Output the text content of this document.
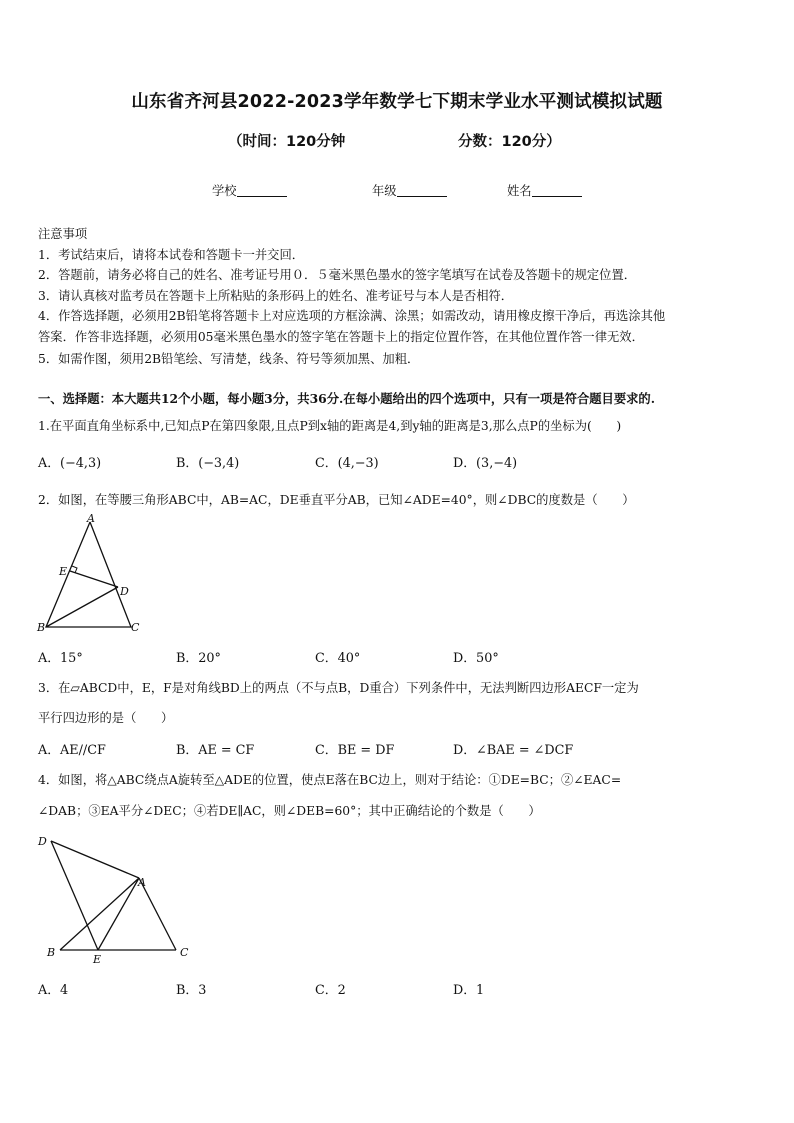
山东省齐河县2022-2023学年数学七下期末学业水平测试模拟试题
（时间：120分钟	分数：120分）
学校	年级	姓名
注意事项
1．考试结束后，请将本试卷和答题卡一并交回．
2．答题前，请务必将自己的姓名、准考证号用０．５毫米黑色墨水的签字笔填写在试卷及答题卡的规定位置．
3．请认真核对监考员在答题卡上所粘贴的条形码上的姓名、准考证号与本人是否相符．
4．作答选择题，必须用2B铅笔将答题卡上对应选项的方框涂满、涂黑；如需改动，请用橡皮擦干净后，再选涂其他
答案．作答非选择题，必须用05毫米黑色墨水的签字笔在答题卡上的指定位置作答，在其他位置作答一律无效．
5．如需作图，须用2B铅笔绘、写清楚，线条、符号等须加黑、加粗．
一、选择题：本大题共12个小题，每小题3分，共36分.在每小题给出的四个选项中，只有一项是符合题目要求的.
1.在平面直角坐标系中,已知点P在第四象限,且点P到x轴的距离是4,到y轴的距离是3,那么点P的坐标为(　　)
A．(−4,3)	B．(−3,4)	C．(4,−3)	D．(3,−4)
2．如图，在等腰三角形ABC中，AB=AC，DE垂直平分AB，已知∠ADE=40°，则∠DBC的度数是（　　）
A
E
D
B	C
A．15°	B．20°	C．40°	D．50°
3．在▱ABCD中，E，F是对角线BD上的两点（不与点B，D重合）下列条件中，无法判断四边形AECF一定为
平行四边形的是（　　）
A．AE//CF	B．AE = CF	C．BE = DF	D．∠BAE = ∠DCF
4．如图，将△ABC绕点A旋转至△ADE的位置，使点E落在BC边上，则对于结论：①DE=BC；②∠EAC=
∠DAB；③EA平分∠DEC；④若DE∥AC，则∠DEB=60°；其中正确结论的个数是（　　）
D
A
B
E
C
A．4	B．3	C．2	D．1
